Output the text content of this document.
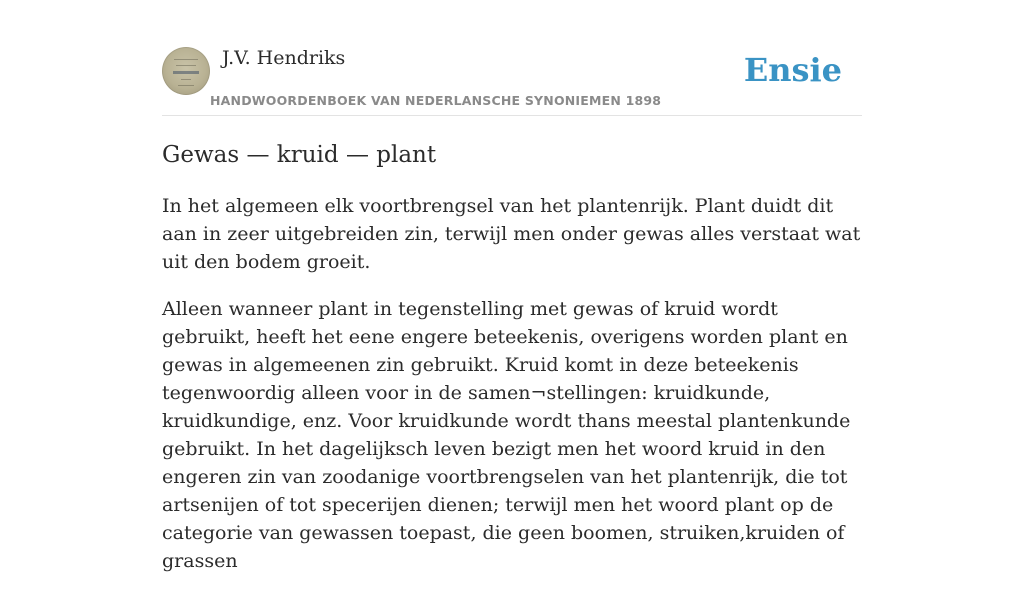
J.V. Hendriks
HANDWOORDENBOEK VAN NEDERLANSCHE SYNONIEMEN 1898
Ensie
Gewas — kruid — plant

In het algemeen elk voortbrengsel van het plantenrijk. Plant duidt dit aan in zeer uitgebreiden zin, terwijl men onder gewas alles verstaat wat uit den bodem groeit.

Alleen wanneer plant in tegenstelling met gewas of kruid wordt gebruikt, heeft het eene engere beteekenis, overigens worden plant en gewas in algemeenen zin gebruikt. Kruid komt in deze beteekenis tegenwoordig alleen voor in de samen¬stellingen: kruidkunde, kruidkundige, enz. Voor kruidkunde wordt thans meestal plantenkunde gebruikt. In het dagelijksch leven bezigt men het woord kruid in den engeren zin van zoodanige voortbrengselen van het plantenrijk, die tot artsenijen of tot specerijen dienen; terwijl men het woord plant op de categorie van gewassen toepast, die geen boomen, struiken,kruiden of grassen
